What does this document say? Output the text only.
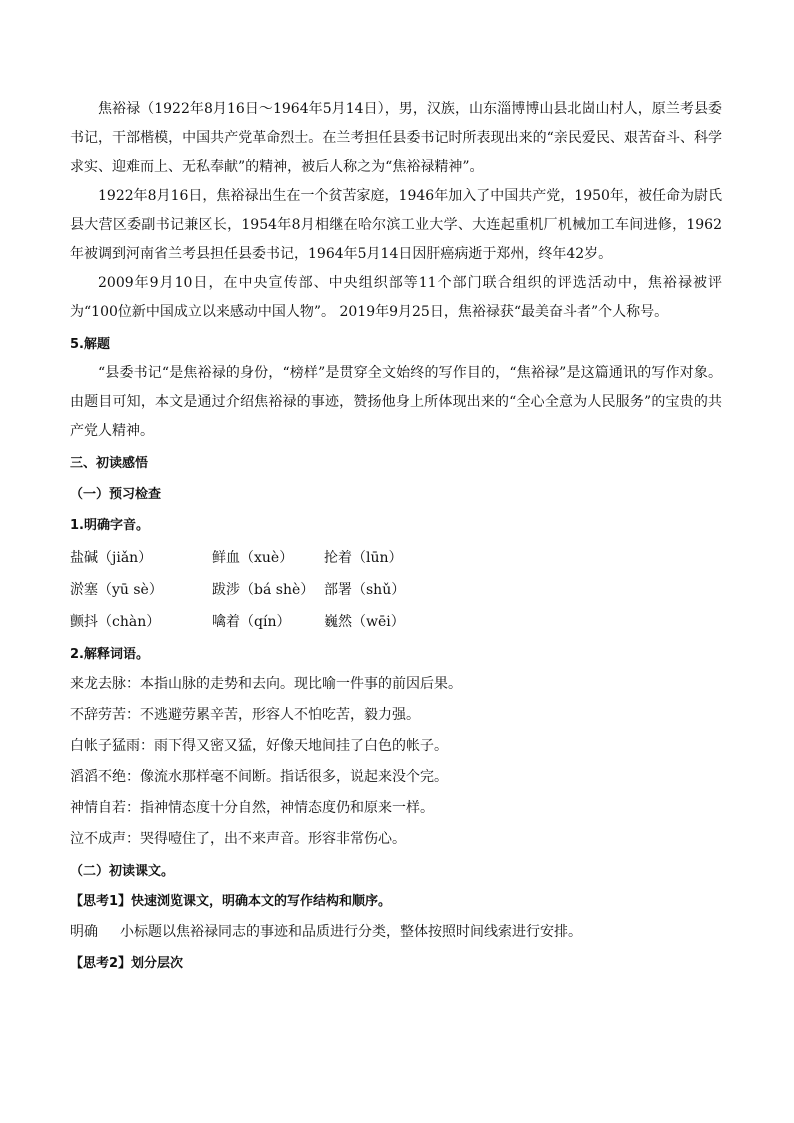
焦裕禄（1922年8月16日～1964年5月14日），男，汉族，山东淄博博山县北崮山村人，原兰考县委书记，干部楷模，中国共产党革命烈士。在兰考担任县委书记时所表现出来的“亲民爱民、艰苦奋斗、科学求实、迎难而上、无私奉献”的精神，被后人称之为“焦裕禄精神”。

1922年8月16日，焦裕禄出生在一个贫苦家庭，1946年加入了中国共产党，1950年，被任命为尉氏县大营区委副书记兼区长，1954年8月相继在哈尔滨工业大学、大连起重机厂机械加工车间进修，1962年被调到河南省兰考县担任县委书记，1964年5月14日因肝癌病逝于郑州，终年42岁。

2009年9月10日，在中央宣传部、中央组织部等11个部门联合组织的评选活动中，焦裕禄被评为“100位新中国成立以来感动中国人物”。 2019年9月25日，焦裕禄获“最美奋斗者”个人称号。

5.解题

“县委书记“是焦裕禄的身份，“榜样”是贯穿全文始终的写作目的，“焦裕禄”是这篇通讯的写作对象。由题目可知，本文是通过介绍焦裕禄的事迹，赞扬他身上所体现出来的“全心全意为人民服务”的宝贵的共产党人精神。

三、初读感悟
（一）预习检查
1.明确字音。
盐碱（jiǎn）	鲜血（xuè）	抡着（lūn）
淤塞（yū sè）	跋涉（bá shè） 部署（shǔ）
颤抖（chàn）	噙着（qín）	巍然（wēi）
2.解释词语。

来龙去脉：本指山脉的走势和去向。现比喻一件事的前因后果。

不辞劳苦：不逃避劳累辛苦，形容人不怕吃苦，毅力强。

白帐子猛雨：雨下得又密又猛，好像天地间挂了白色的帐子。

滔滔不绝：像流水那样毫不间断。指话很多，说起来没个完。

神情自若：指神情态度十分自然，神情态度仍和原来一样。

泣不成声：哭得噎住了，出不来声音。形容非常伤心。

（二）初读课文。

【思考1】快速浏览课文，明确本文的写作结构和顺序。

明确 小标题以焦裕禄同志的事迹和品质进行分类，整体按照时间线索进行安排。

【思考2】划分层次
